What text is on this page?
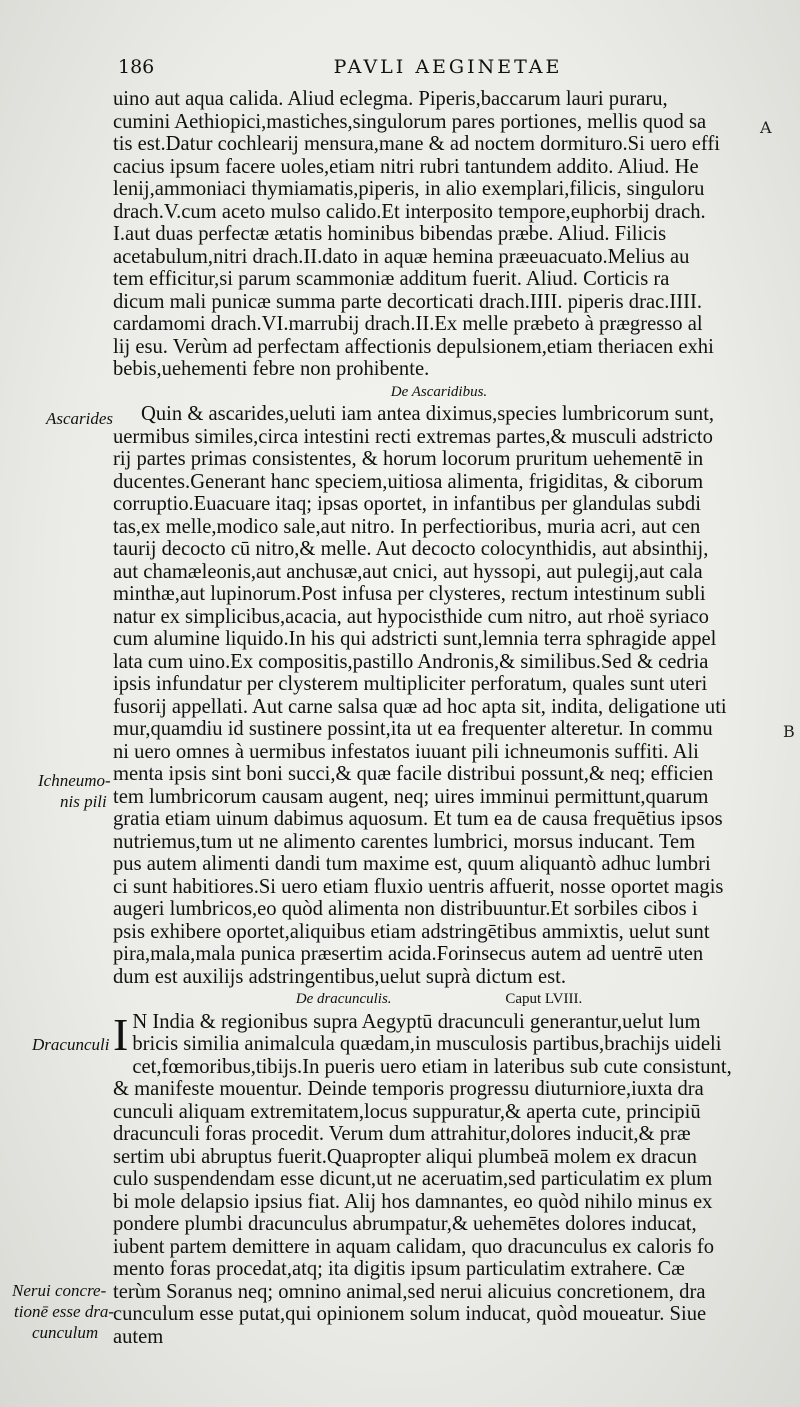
186	PAVLI AEGINETAE
A
B
Ascarides
Ichneumo-
nis pili
Dracunculi
Nerui concre-
tionē esse dra-
cunculum
uino aut aqua calida. Aliud eclegma. Piperis,baccarum lauri puraru,
cumini Aethiopici,mastiches,singulorum pares portiones, mellis quod sa
tis est.Datur cochlearij mensura,mane & ad noctem dormituro.Si uero effi
cacius ipsum facere uoles,etiam nitri rubri tantundem addito. Aliud. He
lenij,ammoniaci thymiamatis,piperis, in alio exemplari,filicis, singuloru
drach.V.cum aceto mulso calido.Et interposito tempore,euphorbij drach.
I.aut duas perfectæ ætatis hominibus bibendas præbe. Aliud. Filicis
acetabulum,nitri drach.II.dato in aquæ hemina præeuacuato.Melius au
tem efficitur,si parum scammoniæ additum fuerit. Aliud. Corticis ra
dicum mali punicæ summa parte decorticati drach.IIII. piperis drac.IIII.
cardamomi drach.VI.marrubij drach.II.Ex melle præbeto à prægresso al
lij esu. Verùm ad perfectam affectionis depulsionem,etiam theriacen exhi
bebis,uehementi febre non prohibente.
De Ascaridibus.
Quin & ascarides,ueluti iam antea diximus,species lumbricorum sunt,
uermibus similes,circa intestini recti extremas partes,& musculi adstricto
rij partes primas consistentes, & horum locorum pruritum uehementē in
ducentes.Generant hanc speciem,uitiosa alimenta, frigiditas, & ciborum
corruptio.Euacuare itaq; ipsas oportet, in infantibus per glandulas subdi
tas,ex melle,modico sale,aut nitro. In perfectioribus, muria acri, aut cen
taurij decocto cū nitro,& melle. Aut decocto colocynthidis, aut absinthij,
aut chamæleonis,aut anchusæ,aut cnici, aut hyssopi, aut pulegij,aut cala
minthæ,aut lupinorum.Post infusa per clysteres, rectum intestinum subli
natur ex simplicibus,acacia, aut hypocisthide cum nitro, aut rhoë syriaco
cum alumine liquido.In his qui adstricti sunt,lemnia terra sphragide appel
lata cum uino.Ex compositis,pastillo Andronis,& similibus.Sed & cedria
ipsis infundatur per clysterem multipliciter perforatum, quales sunt uteri
fusorij appellati. Aut carne salsa quæ ad hoc apta sit, indita, deligatione uti
mur,quamdiu id sustinere possint,ita ut ea frequenter alteretur. In commu
ni uero omnes à uermibus infestatos iuuant pili ichneumonis suffiti. Ali
menta ipsis sint boni succi,& quæ facile distribui possunt,& neq; efficien
tem lumbricorum causam augent, neq; uires imminui permittunt,quarum
gratia etiam uinum dabimus aquosum. Et tum ea de causa frequētius ipsos
nutriemus,tum ut ne alimento carentes lumbrici, morsus inducant. Tem
pus autem alimenti dandi tum maxime est, quum aliquantò adhuc lumbri
ci sunt habitiores.Si uero etiam fluxio uentris affuerit, nosse oportet magis
augeri lumbricos,eo quòd alimenta non distribuuntur.Et sorbiles cibos i
psis exhibere oportet,aliquibus etiam adstringētibus ammixtis, uelut sunt
pira,mala,mala punica præsertim acida.Forinsecus autem ad uentrē uten
dum est auxilijs adstringentibus,uelut suprà dictum est.
De dracunculis.	Caput LVIII.
I N India & regionibus supra Aegyptū dracunculi generantur,uelut lum
bricis similia animalcula quædam,in musculosis partibus,brachijs uideli
cet,fœmoribus,tibijs.In pueris uero etiam in lateribus sub cute consistunt,
& manifeste mouentur. Deinde temporis progressu diuturniore,iuxta dra
cunculi aliquam extremitatem,locus suppuratur,& aperta cute, principiū
dracunculi foras procedit. Verum dum attrahitur,dolores inducit,& præ
sertim ubi abruptus fuerit.Quapropter aliqui plumbeā molem ex dracun
culo suspendendam esse dicunt,ut ne aceruatim,sed particulatim ex plum
bi mole delapsio ipsius fiat. Alij hos damnantes, eo quòd nihilo minus ex
pondere plumbi dracunculus abrumpatur,& uehemētes dolores inducat,
iubent partem demittere in aquam calidam, quo dracunculus ex caloris fo
mento foras procedat,atq; ita digitis ipsum particulatim extrahere. Cæ
terùm Soranus neq; omnino animal,sed nerui alicuius concretionem, dra
cunculum esse putat,qui opinionem solum inducat, quòd moueatur. Siue
autem
